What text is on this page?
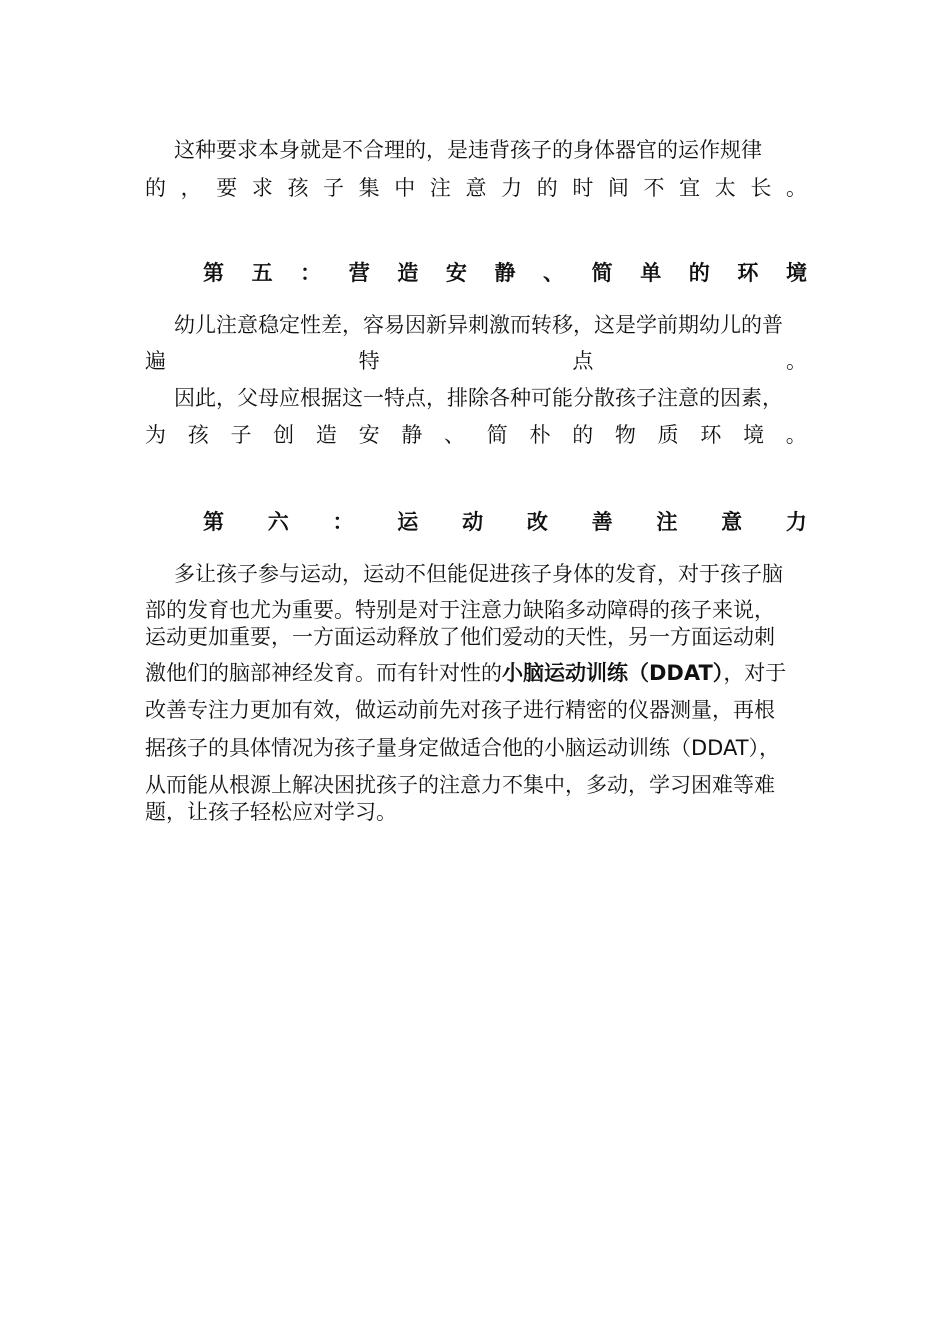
这种要求本身就是不合理的，是违背孩子的身体器官的运作规律
的 ， 要 求 孩 子 集 中 注 意 力 的 时 间 不 宜 太 长 。
第 五 ： 营 造 安 静 、 简 单 的 环 境
幼儿注意稳定性差，容易因新异刺激而转移，这是学前期幼儿的普
遍	特	点	。
因此，父母应根据这一特点，排除各种可能分散孩子注意的因素，
为 孩 子 创 造 安 静 、 简 朴 的 物 质 环 境 。
第 六 ： 运 动 改 善 注 意 力
多让孩子参与运动，运动不但能促进孩子身体的发育，对于孩子脑
部的发育也尤为重要。特别是对于注意力缺陷多动障碍的孩子来说，
运动更加重要，一方面运动释放了他们爱动的天性，另一方面运动刺
激他们的脑部神经发育。而有针对性的小脑运动训练（DDAT），对于
改善专注力更加有效，做运动前先对孩子进行精密的仪器测量，再根
据孩子的具体情况为孩子量身定做适合他的小脑运动训练（DDAT），
从而能从根源上解决困扰孩子的注意力不集中，多动，学习困难等难
题，让孩子轻松应对学习。
